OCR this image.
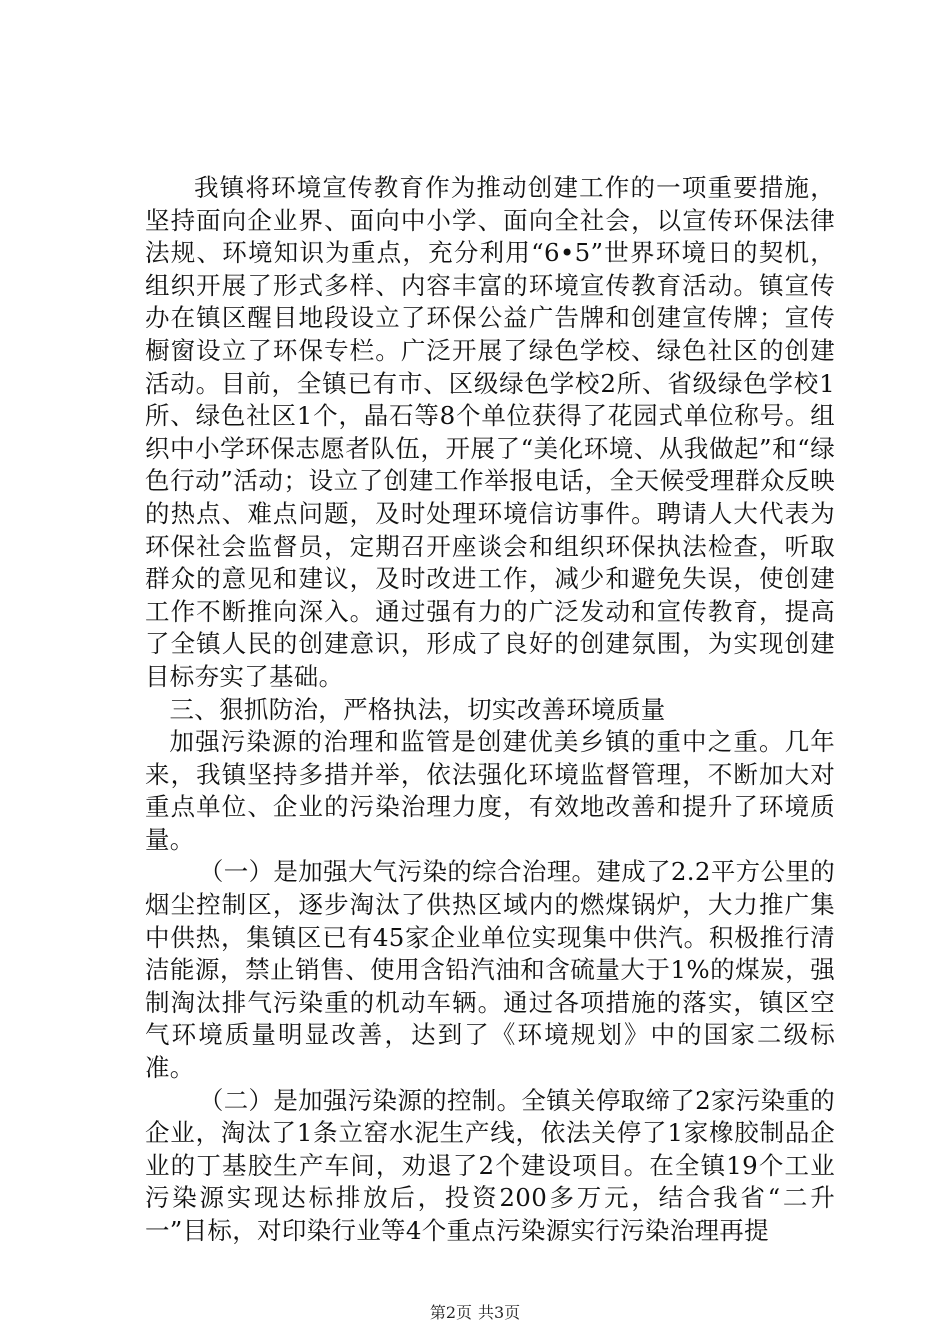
我镇将环境宣传教育作为推动创建工作的一项重要措施，坚持面向企业界、面向中小学、面向全社会，以宣传环保法律法规、环境知识为重点，充分利用“6•5”世界环境日的契机，组织开展了形式多样、内容丰富的环境宣传教育活动。镇宣传办在镇区醒目地段设立了环保公益广告牌和创建宣传牌；宣传橱窗设立了环保专栏。广泛开展了绿色学校、绿色社区的创建活动。目前，全镇已有市、区级绿色学校2所、省级绿色学校1所、绿色社区1个，晶石等8个单位获得了花园式单位称号。组织中小学环保志愿者队伍，开展了“美化环境、从我做起”和“绿色行动”活动；设立了创建工作举报电话，全天候受理群众反映的热点、难点问题，及时处理环境信访事件。聘请人大代表为环保社会监督员，定期召开座谈会和组织环保执法检查，听取群众的意见和建议，及时改进工作，减少和避免失误，使创建工作不断推向深入。通过强有力的广泛发动和宣传教育，提高了全镇人民的创建意识，形成了良好的创建氛围，为实现创建目标夯实了基础。

三、狠抓防治，严格执法，切实改善环境质量

加强污染源的治理和监管是创建优美乡镇的重中之重。几年来，我镇坚持多措并举，依法强化环境监督管理，不断加大对重点单位、企业的污染治理力度，有效地改善和提升了环境质量。

（一）是加强大气污染的综合治理。建成了2.2平方公里的烟尘控制区，逐步淘汰了供热区域内的燃煤锅炉，大力推广集中供热，集镇区已有45家企业单位实现集中供汽。积极推行清洁能源，禁止销售、使用含铅汽油和含硫量大于1%的煤炭，强制淘汰排气污染重的机动车辆。通过各项措施的落实，镇区空气环境质量明显改善，达到了《环境规划》中的国家二级标准。

（二）是加强污染源的控制。全镇关停取缔了2家污染重的企业，淘汰了1条立窑水泥生产线，依法关停了1家橡胶制品企业的丁基胶生产车间，劝退了2个建设项目。在全镇19个工业污染源实现达标排放后，投资200多万元，结合我省“二升一”目标，对印染行业等4个重点污染源实行污染治理再提

第2页 共3页
